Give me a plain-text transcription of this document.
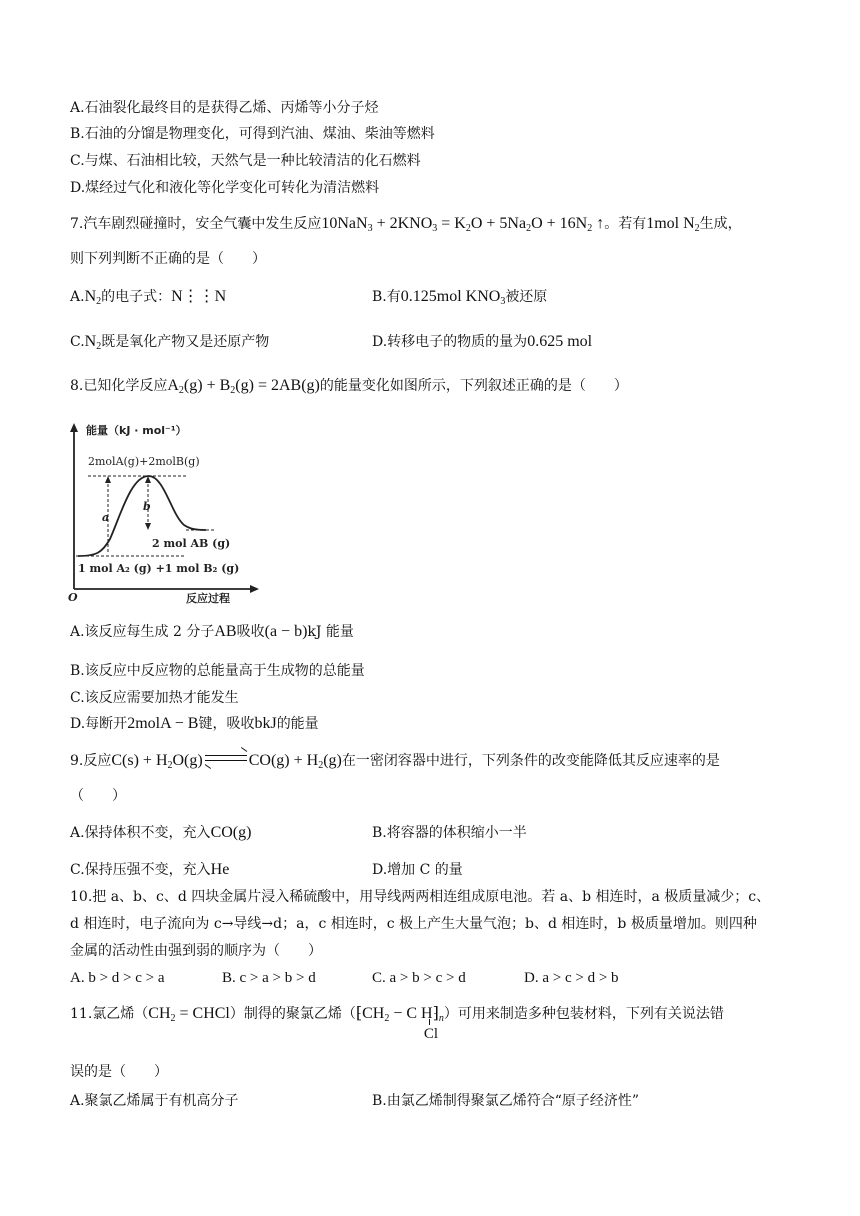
A.石油裂化最终目的是获得乙烯、丙烯等小分子烃
B.石油的分馏是物理变化，可得到汽油、煤油、柴油等燃料
C.与煤、石油相比较，天然气是一种比较清洁的化石燃料
D.煤经过气化和液化等化学变化可转化为清洁燃料
7.汽车剧烈碰撞时，安全气囊中发生反应$10NaN_3 + 2KNO_3 = K_2O + 5Na_2O + 16N_2$ ↑。若有1mol $N_2$生成，
则下列判断不正确的是（　　）
$A.N_2$的电子式：N⋮⋮N	B.有0.125mol $KNO_3$被还原
$C.N_2$既是氧化产物又是还原产物	D.转移电子的物质的量为0.625 mol
8.已知化学反应$A_2(g) + B_2(g) = 2AB(g)$的能量变化如图所示，下列叙述正确的是（　　）
能量（kJ · mol⁻¹）
2molA(g)+2molB(g)
a
b
2 mol AB (g)
1 mol A₂ (g) +1 mol B₂ (g)
O	反应过程
A.该反应每生成 2 分子AB吸收(a − b)kJ 能量
B.该反应中反应物的总能量高于生成物的总能量
C.该反应需要加热才能发生
D.每断开2molA − B键，吸收bkJ的能量
9.反应$C(s) + H_2O(g)$	$CO(g) + H_2(g)$在一密闭容器中进行，下列条件的改变能降低其反应速率的是
（　　）
A.保持体积不变，充入CO(g)	B.将容器的体积缩小一半
C.保持压强不变，充入He	D.增加 C 的量
10.把 a、b、c、d 四块金属片浸入稀硫酸中，用导线两两相连组成原电池。若 a、b 相连时，a 极质量减少；c、
d 相连时，电子流向为 c→导线→d；a，c 相连时，c 极上产生大量气泡；b、d 相连时，b 极质量增加。则四种
金属的活动性由强到弱的顺序为（　　）
A. b > d > c > a	B. c > a > b > d	C. a > b > c > d	D. a > c > d > b
11.氯乙烯（$CH_2$ = CHCl）制得的聚氯乙烯（$⁅CH_2 - C$ $H⁆_n$
Cl
）可用来制造多种包装材料，下列有关说法错
误的是（　　）
A.聚氯乙烯属于有机高分子	B.由氯乙烯制得聚氯乙烯符合“原子经济性”
